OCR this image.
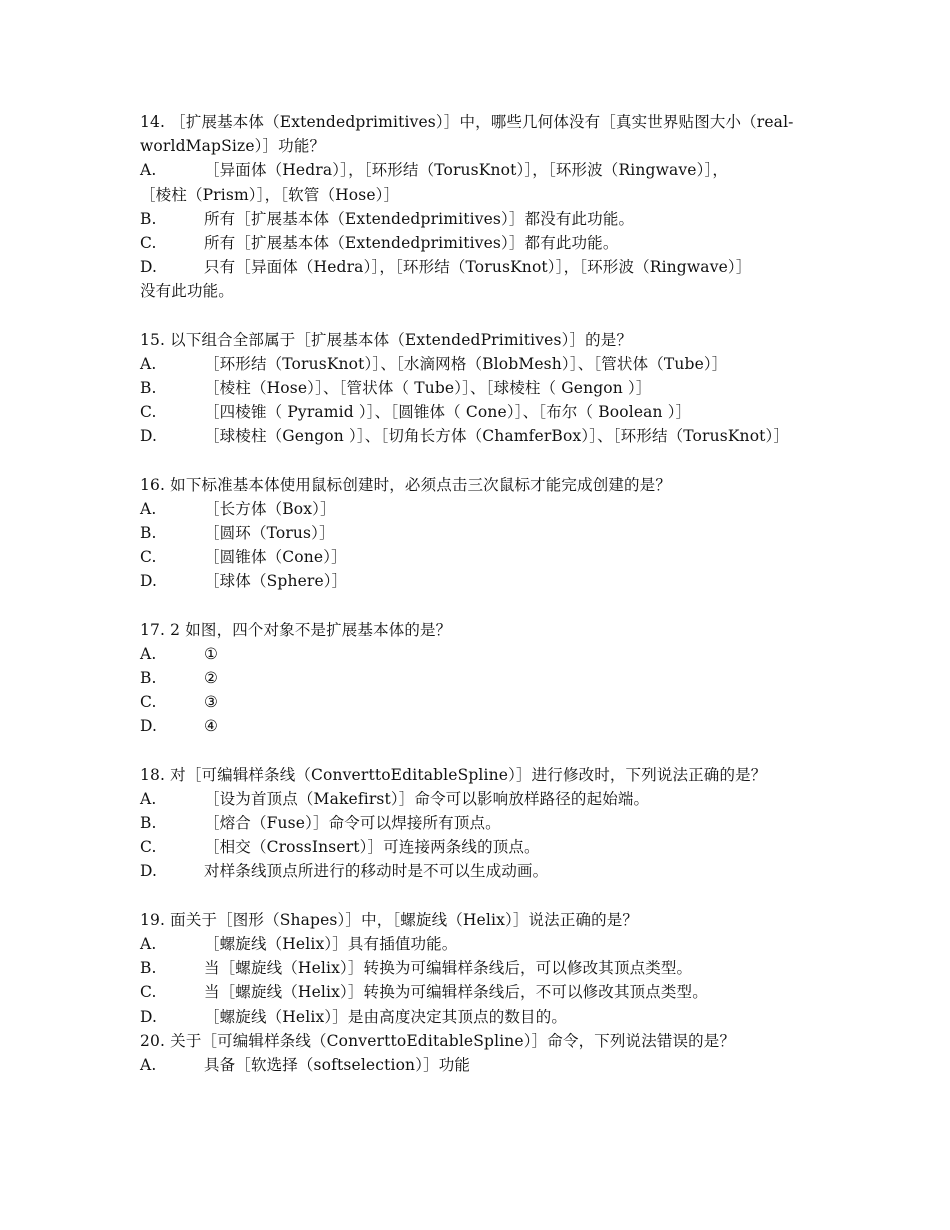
14. ［扩展基本体（Extendedprimitives）］中，哪些几何体没有［真实世界贴图大小（real-worldMapSize）］功能？
A.	［异面体（Hedra）］，［环形结（TorusKnot）］，［环形波（Ringwave）］，
［棱柱（Prism）］，［软管（Hose）］
B.	所有［扩展基本体（Extendedprimitives）］都没有此功能。
C.	所有［扩展基本体（Extendedprimitives）］都有此功能。
D.	只有［异面体（Hedra）］，［环形结（TorusKnot）］，［环形波（Ringwave）］
没有此功能。
15. 以下组合全部属于［扩展基本体（ExtendedPrimitives）］的是？
A.	［环形结（TorusKnot）］、［水滴网格（BlobMesh）］、［管状体（Tube）］
B.	［棱柱（Hose）］、［管状体（ Tube）］、［球棱柱（ Gengon ）］
C.	［四棱锥（ Pyramid ）］、［圆锥体（ Cone）］、［布尔（ Boolean ）］
D.	［球棱柱（Gengon ）］、［切角长方体（ChamferBox）］、［环形结（TorusKnot）］
16. 如下标准基本体使用鼠标创建时，必须点击三次鼠标才能完成创建的是？
A.	［长方体（Box）］
B.	［圆环（Torus）］
C.	［圆锥体（Cone）］
D.	［球体（Sphere）］
17. 2 如图，四个对象不是扩展基本体的是？
A.	①
B.	②
C.	③
D.	④
18. 对［可编辑样条线（ConverttoEditableSpline）］进行修改时，下列说法正确的是？
A.	［设为首顶点（Makefirst）］命令可以影响放样路径的起始端。
B.	［熔合（Fuse）］命令可以焊接所有顶点。
C.	［相交（CrossInsert）］可连接两条线的顶点。
D.	对样条线顶点所进行的移动时是不可以生成动画。
19. 面关于［图形（Shapes）］中，［螺旋线（Helix）］说法正确的是？
A.	［螺旋线（Helix）］具有插值功能。
B.	当［螺旋线（Helix）］转换为可编辑样条线后，可以修改其顶点类型。
C.	当［螺旋线（Helix）］转换为可编辑样条线后，不可以修改其顶点类型。
D.	［螺旋线（Helix）］是由高度决定其顶点的数目的。
20. 关于［可编辑样条线（ConverttoEditableSpline）］命令，下列说法错误的是？
A.	具备［软选择（softselection）］功能
